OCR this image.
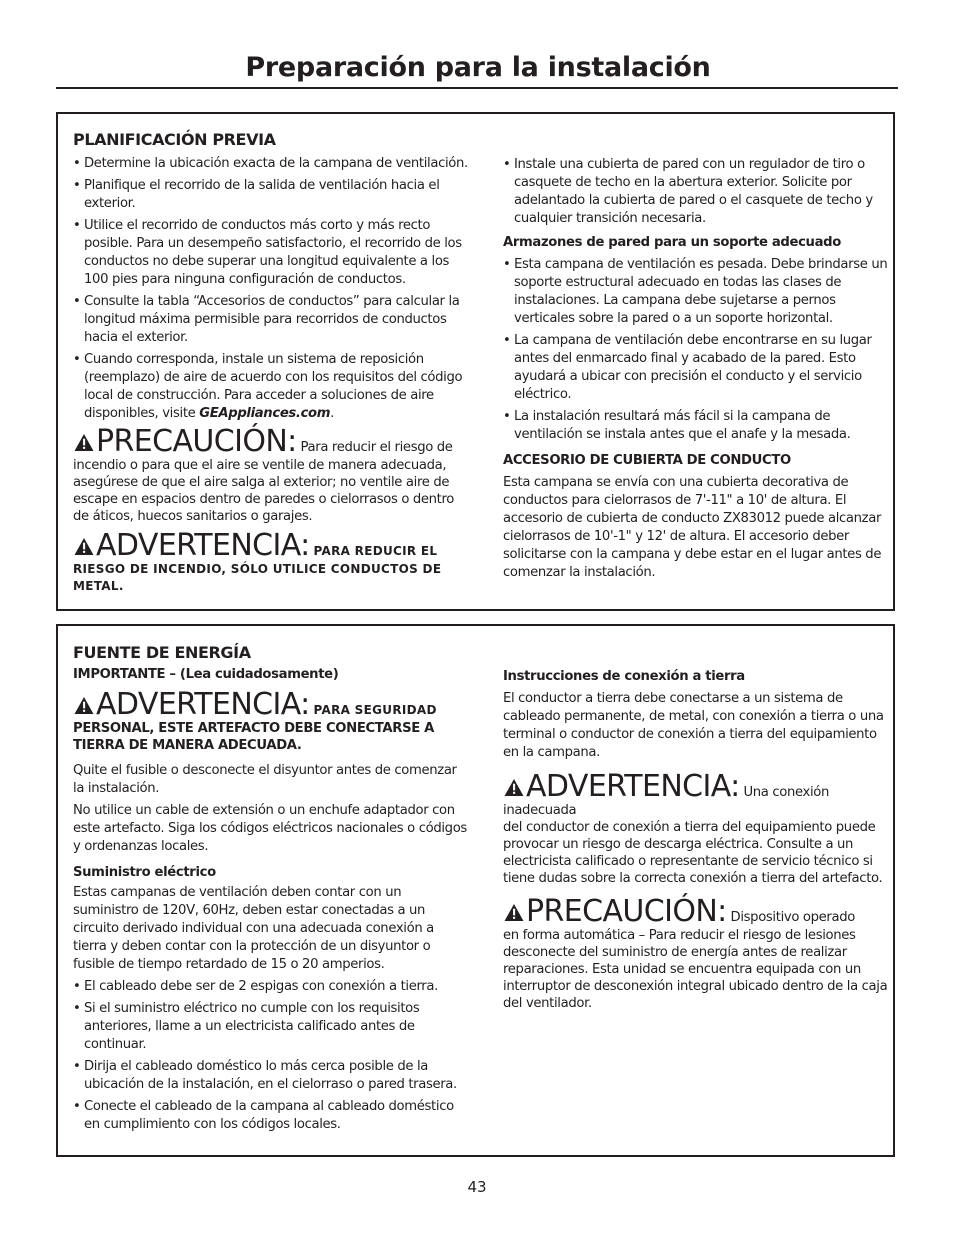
Preparación para la instalación
PLANIFICACIÓN PREVIA
• Determine la ubicación exacta de la campana de ventilación.
• Planifique el recorrido de la salida de ventilación hacia el exterior.
• Utilice el recorrido de conductos más corto y más recto posible. Para un desempeño satisfactorio, el recorrido de los conductos no debe superar una longitud equivalente a los 100 pies para ninguna configuración de conductos.
• Consulte la tabla “Accesorios de conductos” para calcular la longitud máxima permisible para recorridos de conductos hacia el exterior.
• Cuando corresponda, instale un sistema de reposición (reemplazo) de aire de acuerdo con los requisitos del código local de construcción. Para acceder a soluciones de aire disponibles, visite GEAppliances.com.
PRECAUCIÓN: Para reducir el riesgo de incendio o para que el aire se ventile de manera adecuada, asegúrese de que el aire salga al exterior; no ventile aire de escape en espacios dentro de paredes o cielorrasos o dentro de áticos, huecos sanitarios o garajes.
ADVERTENCIA: PARA REDUCIR EL RIESGO DE INCENDIO, SÓLO UTILICE CONDUCTOS DE METAL.
• Instale una cubierta de pared con un regulador de tiro o casquete de techo en la abertura exterior. Solicite por adelantado la cubierta de pared o el casquete de techo y cualquier transición necesaria.
Armazones de pared para un soporte adecuado
• Esta campana de ventilación es pesada. Debe brindarse un soporte estructural adecuado en todas las clases de instalaciones. La campana debe sujetarse a pernos verticales sobre la pared o a un soporte horizontal.
• La campana de ventilación debe encontrarse en su lugar antes del enmarcado final y acabado de la pared. Esto ayudará a ubicar con precisión el conducto y el servicio eléctrico.
• La instalación resultará más fácil si la campana de ventilación se instala antes que el anafe y la mesada.
ACCESORIO DE CUBIERTA DE CONDUCTO

Esta campana se envía con una cubierta decorativa de conductos para cielorrasos de 7'-11" a 10' de altura. El accesorio de cubierta de conducto ZX83012 puede alcanzar cielorrasos de 10'-1" y 12' de altura. El accesorio deber solicitarse con la campana y debe estar en el lugar antes de comenzar la instalación.

FUENTE DE ENERGÍA
IMPORTANTE – (Lea cuidadosamente)
ADVERTENCIA: PARA SEGURIDAD
PERSONAL, ESTE ARTEFACTO DEBE CONECTARSE A TIERRA DE MANERA ADECUADA.

Quite el fusible o desconecte el disyuntor antes de comenzar la instalación.

No utilice un cable de extensión o un enchufe adaptador con este artefacto. Siga los códigos eléctricos nacionales o códigos y ordenanzas locales.

Suministro eléctrico

Estas campanas de ventilación deben contar con un suministro de 120V, 60Hz, deben estar conectadas a un circuito derivado individual con una adecuada conexión a tierra y deben contar con la protección de un disyuntor o fusible de tiempo retardado de 15 o 20 amperios.

• El cableado debe ser de 2 espigas con conexión a tierra.
• Si el suministro eléctrico no cumple con los requisitos anteriores, llame a un electricista calificado antes de continuar.
• Dirija el cableado doméstico lo más cerca posible de la ubicación de la instalación, en el cielorraso o pared trasera.
• Conecte el cableado de la campana al cableado doméstico en cumplimiento con los códigos locales.
Instrucciones de conexión a tierra

El conductor a tierra debe conectarse a un sistema de cableado permanente, de metal, con conexión a tierra o una terminal o conductor de conexión a tierra del equipamiento en la campana.

ADVERTENCIA: Una conexión
inadecuada
del conductor de conexión a tierra del equipamiento puede provocar un riesgo de descarga eléctrica. Consulte a un electricista calificado o representante de servicio técnico si tiene dudas sobre la correcta conexión a tierra del artefacto.
PRECAUCIÓN: Dispositivo operado
en forma automática – Para reducir el riesgo de lesiones desconecte del suministro de energía antes de realizar reparaciones. Esta unidad se encuentra equipada con un interruptor de desconexión integral ubicado dentro de la caja del ventilador.
43
